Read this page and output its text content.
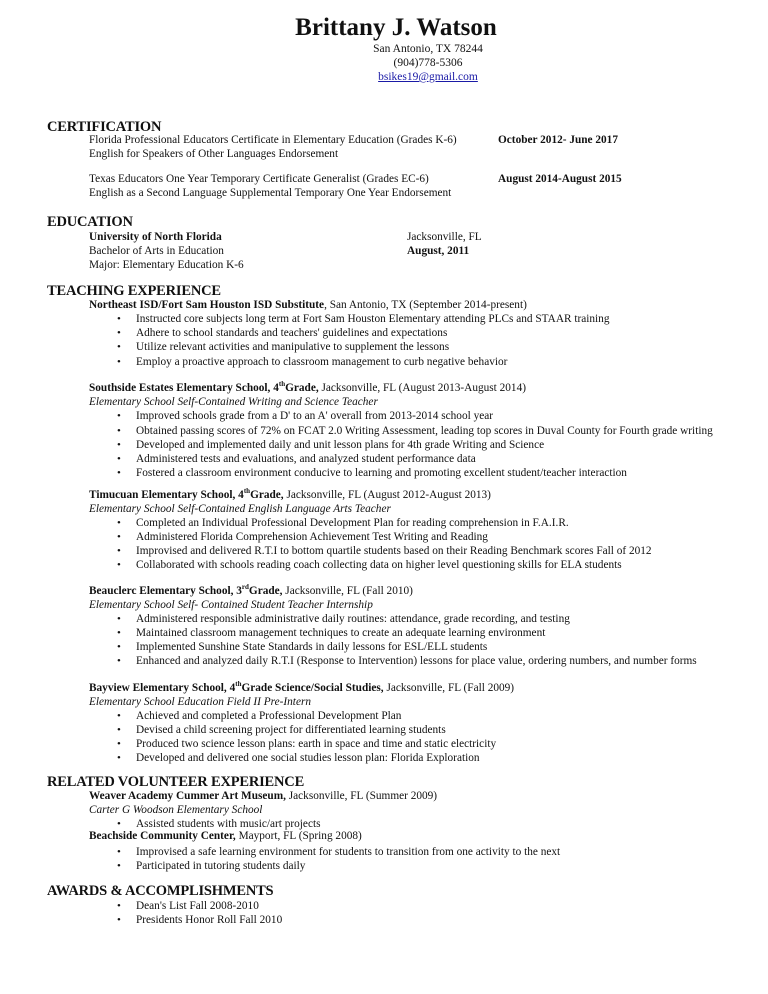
Brittany J. Watson
San Antonio, TX 78244
(904)778-5306
bsikes19@gmail.com
CERTIFICATION
Florida Professional Educators Certificate in Elementary Education (Grades K-6)	October 2012- June 2017
English for Speakers of Other Languages Endorsement
Texas Educators One Year Temporary Certificate Generalist (Grades EC-6)	August 2014-August 2015
English as a Second Language Supplemental Temporary One Year Endorsement
EDUCATION
University of North Florida	Jacksonville, FL
Bachelor of Arts in Education	August, 2011
Major: Elementary Education K-6
TEACHING EXPERIENCE
Northeast ISD/Fort Sam Houston ISD Substitute, San Antonio, TX (September 2014-present)
• Instructed core subjects long term at Fort Sam Houston Elementary attending PLCs and STAAR training
• Adhere to school standards and teachers' guidelines and expectations
• Utilize relevant activities and manipulative to supplement the lessons
• Employ a proactive approach to classroom management to curb negative behavior
Southside Estates Elementary School, 4thGrade, Jacksonville, FL (August 2013-August 2014)
Elementary School Self-Contained Writing and Science Teacher
• Improved schools grade from a D' to an A' overall from 2013-2014 school year
• Obtained passing scores of 72% on FCAT 2.0 Writing Assessment, leading top scores in Duval County for Fourth grade writing
• Developed and implemented daily and unit lesson plans for 4th grade Writing and Science
• Administered tests and evaluations, and analyzed student performance data
• Fostered a classroom environment conducive to learning and promoting excellent student/teacher interaction
Timucuan Elementary School, 4thGrade, Jacksonville, FL (August 2012-August 2013)
Elementary School Self-Contained English Language Arts Teacher
• Completed an Individual Professional Development Plan for reading comprehension in F.A.I.R.
• Administered Florida Comprehension Achievement Test Writing and Reading
• Improvised and delivered R.T.I to bottom quartile students based on their Reading Benchmark scores Fall of 2012
• Collaborated with schools reading coach collecting data on higher level questioning skills for ELA students
Beauclerc Elementary School, 3rdGrade, Jacksonville, FL (Fall 2010)
Elementary School Self- Contained Student Teacher Internship
• Administered responsible administrative daily routines: attendance, grade recording, and testing
• Maintained classroom management techniques to create an adequate learning environment
• Implemented Sunshine State Standards in daily lessons for ESL/ELL students
• Enhanced and analyzed daily R.T.I (Response to Intervention) lessons for place value, ordering numbers, and number forms
Bayview Elementary School, 4thGrade Science/Social Studies, Jacksonville, FL (Fall 2009)
Elementary School Education Field II Pre-Intern
• Achieved and completed a Professional Development Plan
• Devised a child screening project for differentiated learning students
• Produced two science lesson plans: earth in space and time and static electricity
• Developed and delivered one social studies lesson plan: Florida Exploration
RELATED VOLUNTEER EXPERIENCE
Weaver Academy Cummer Art Museum, Jacksonville, FL (Summer 2009)
Carter G Woodson Elementary School
• Assisted students with music/art projects
Beachside Community Center, Mayport, FL (Spring 2008)
• Improvised a safe learning environment for students to transition from one activity to the next
• Participated in tutoring students daily
AWARDS & ACCOMPLISHMENTS
• Dean's List Fall 2008-2010
• Presidents Honor Roll Fall 2010
